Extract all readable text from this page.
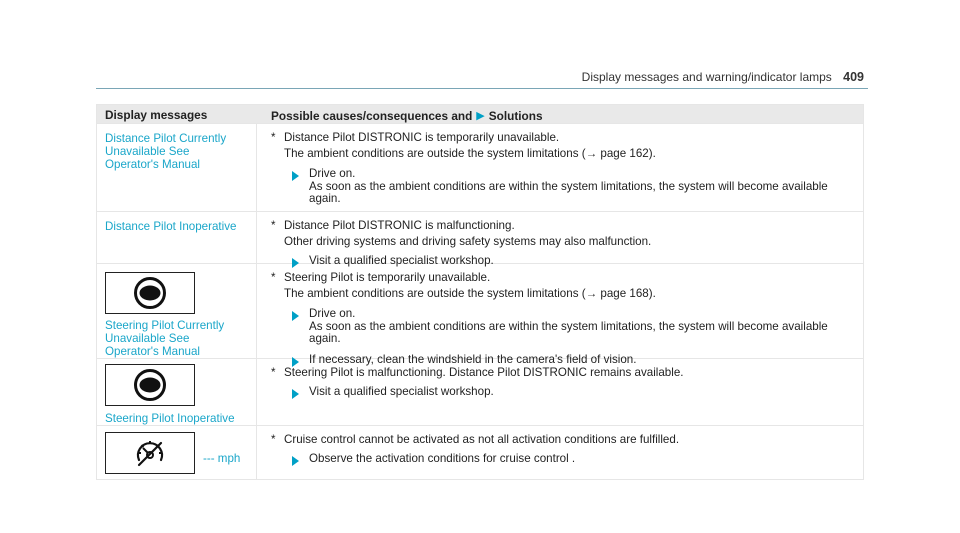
Display messages and warning/indicator lamps 409
Display messages	Possible causes/consequences and ▶ Solutions
Distance Pilot Currently Unavailable See Operator's Manual
* Distance Pilot DISTRONIC is temporarily unavailable.
The ambient conditions are outside the system limitations (→ page 162).
Drive on.
As soon as the ambient conditions are within the system limitations, the system will become available again.
Distance Pilot Inoperative	* Distance Pilot DISTRONIC is malfunctioning.
Other driving systems and driving safety systems may also malfunction.
Visit a qualified specialist workshop.
Steering Pilot Currently Unavailable See Operator's Manual
* Steering Pilot is temporarily unavailable.
The ambient conditions are outside the system limitations (→ page 168).
Drive on.
As soon as the ambient conditions are within the system limitations, the system will become available again.
If necessary, clean the windshield in the camera's field of vision.
Steering Pilot Inoperative
* Steering Pilot is malfunctioning. Distance Pilot DISTRONIC remains available.
Visit a qualified specialist workshop.
--- mph
* Cruise control cannot be activated as not all activation conditions are fulfilled.
Observe the activation conditions for cruise control .
